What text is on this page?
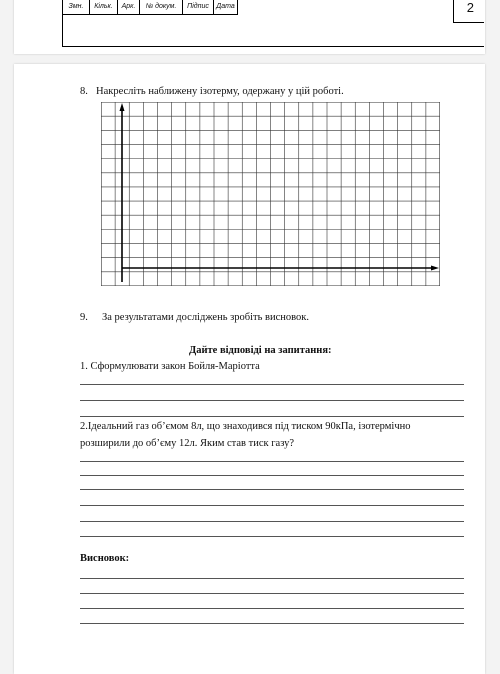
Змн.	Кільк.	Арк.	№ докум.	Підпис	Дата	2
8. Накресліть наближену ізотерму, одержану у цій роботі.
9. За результатами досліджень зробіть висновок.
Дайте відповіді на запитання:
1. Сформулювати закон Бойля-Маріотта
2.Ідеальний газ об’ємом 8л, що знаходився під тиском 90кПа, ізотермічно
розширили до об’єму 12л. Яким став тиск газу?
Висновок:
